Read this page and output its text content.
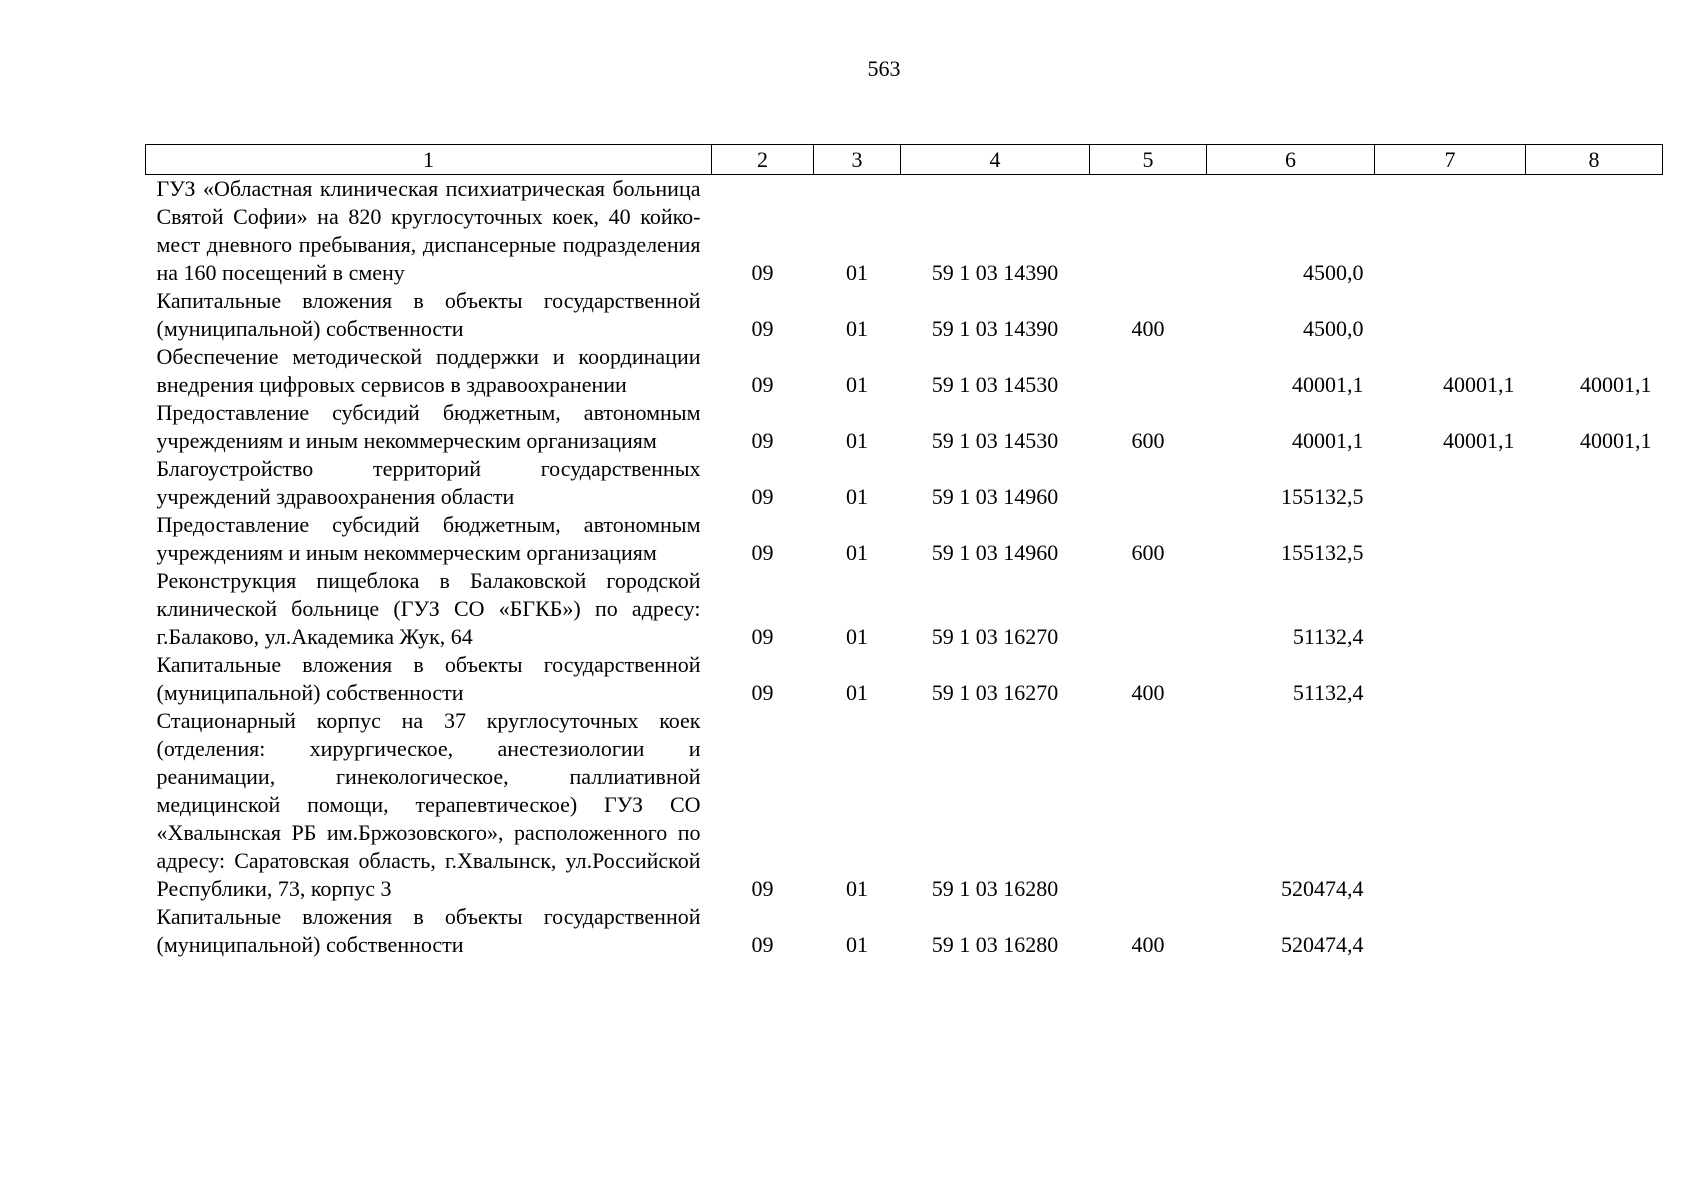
563
1	2	3	4	5	6	7	8
ГУЗ «Областная клиническая психиатрическая больница Святой Софии» на 820 круглосуточных коек, 40 койко-мест дневного пребывания, диспансерные подразделения на 160 посещений в смену	09	01	59 1 03 14390		4500,0		
Капитальные вложения в объекты государственной (муниципальной) собственности	09	01	59 1 03 14390	400	4500,0		
Обеспечение методической поддержки и координации внедрения цифровых сервисов в здравоохранении	09	01	59 1 03 14530		40001,1	40001,1	40001,1
Предоставление субсидий бюджетным, автономным учреждениям и иным некоммерческим организациям	09	01	59 1 03 14530	600	40001,1	40001,1	40001,1
Благоустройство территорий государственных учреждений здравоохранения области	09	01	59 1 03 14960		155132,5		
Предоставление субсидий бюджетным, автономным учреждениям и иным некоммерческим организациям	09	01	59 1 03 14960	600	155132,5		
Реконструкция пищеблока в Балаковской городской клинической больнице (ГУЗ СО «БГКБ») по адресу: г.Балаково, ул.Академика Жук, 64	09	01	59 1 03 16270		51132,4		
Капитальные вложения в объекты государственной (муниципальной) собственности	09	01	59 1 03 16270	400	51132,4		
Стационарный корпус на 37 круглосуточных коек (отделения: хирургическое, анестезиологии и реанимации, гинекологическое, паллиативной медицинской помощи, терапевтическое) ГУЗ СО «Хвалынская РБ им.Бржозовского», расположенного по адресу: Саратовская область, г.Хвалынск, ул.Российской Республики, 73, корпус 3	09	01	59 1 03 16280		520474,4		
Капитальные вложения в объекты государственной (муниципальной) собственности	09	01	59 1 03 16280	400	520474,4		
